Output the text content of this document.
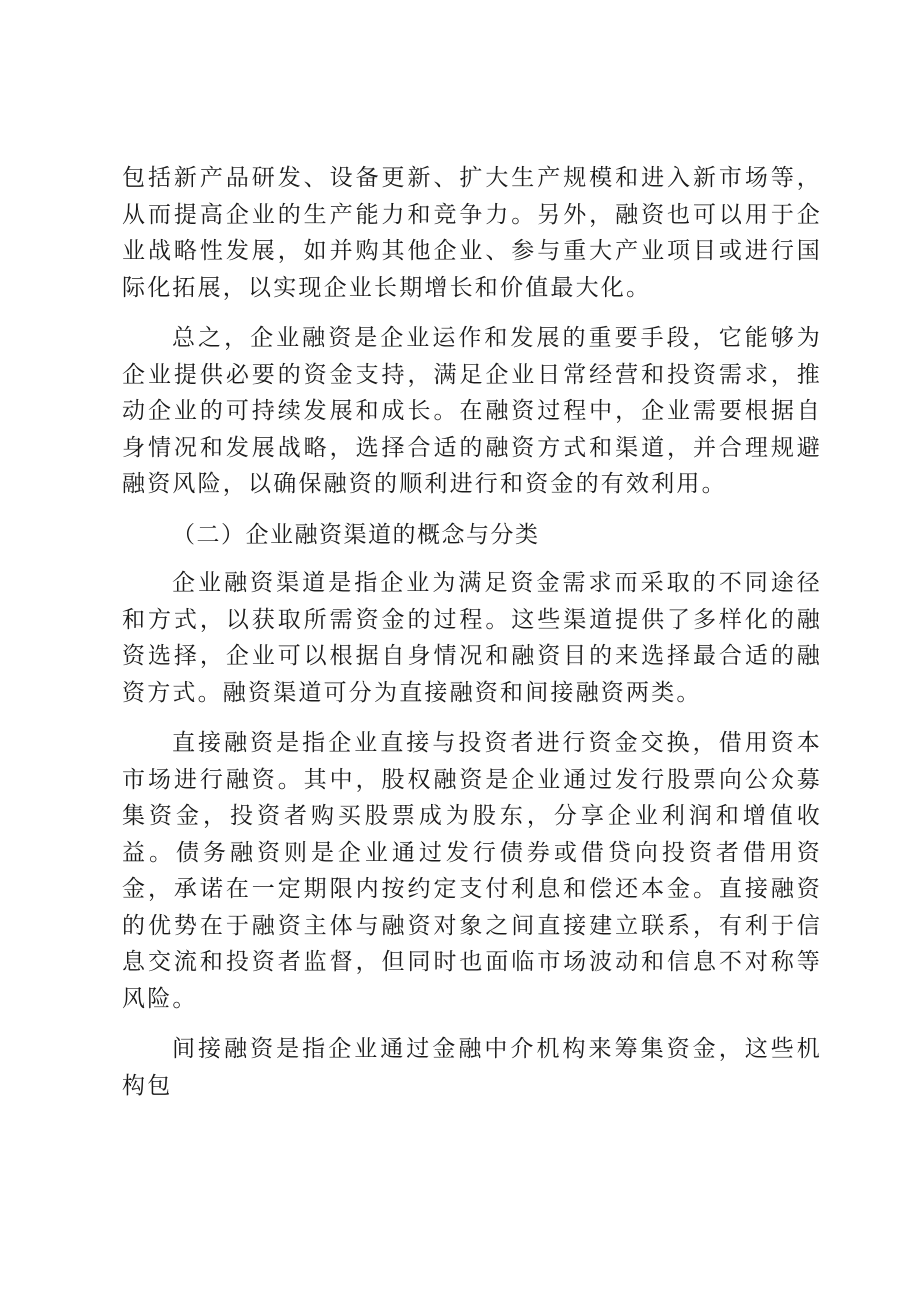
包括新产品研发、设备更新、扩大生产规模和进入新市场等，从而提高企业的生产能力和竞争力。另外，融资也可以用于企业战略性发展，如并购其他企业、参与重大产业项目或进行国际化拓展，以实现企业长期增长和价值最大化。

总之，企业融资是企业运作和发展的重要手段，它能够为企业提供必要的资金支持，满足企业日常经营和投资需求，推动企业的可持续发展和成长。在融资过程中，企业需要根据自身情况和发展战略，选择合适的融资方式和渠道，并合理规避融资风险，以确保融资的顺利进行和资金的有效利用。

（二）企业融资渠道的概念与分类

企业融资渠道是指企业为满足资金需求而采取的不同途径和方式，以获取所需资金的过程。这些渠道提供了多样化的融资选择，企业可以根据自身情况和融资目的来选择最合适的融资方式。融资渠道可分为直接融资和间接融资两类。

直接融资是指企业直接与投资者进行资金交换，借用资本市场进行融资。其中，股权融资是企业通过发行股票向公众募集资金，投资者购买股票成为股东，分享企业利润和增值收益。债务融资则是企业通过发行债券或借贷向投资者借用资金，承诺在一定期限内按约定支付利息和偿还本金。直接融资的优势在于融资主体与融资对象之间直接建立联系，有利于信息交流和投资者监督，但同时也面临市场波动和信息不对称等风险。

间接融资是指企业通过金融中介机构来筹集资金，这些机构包
